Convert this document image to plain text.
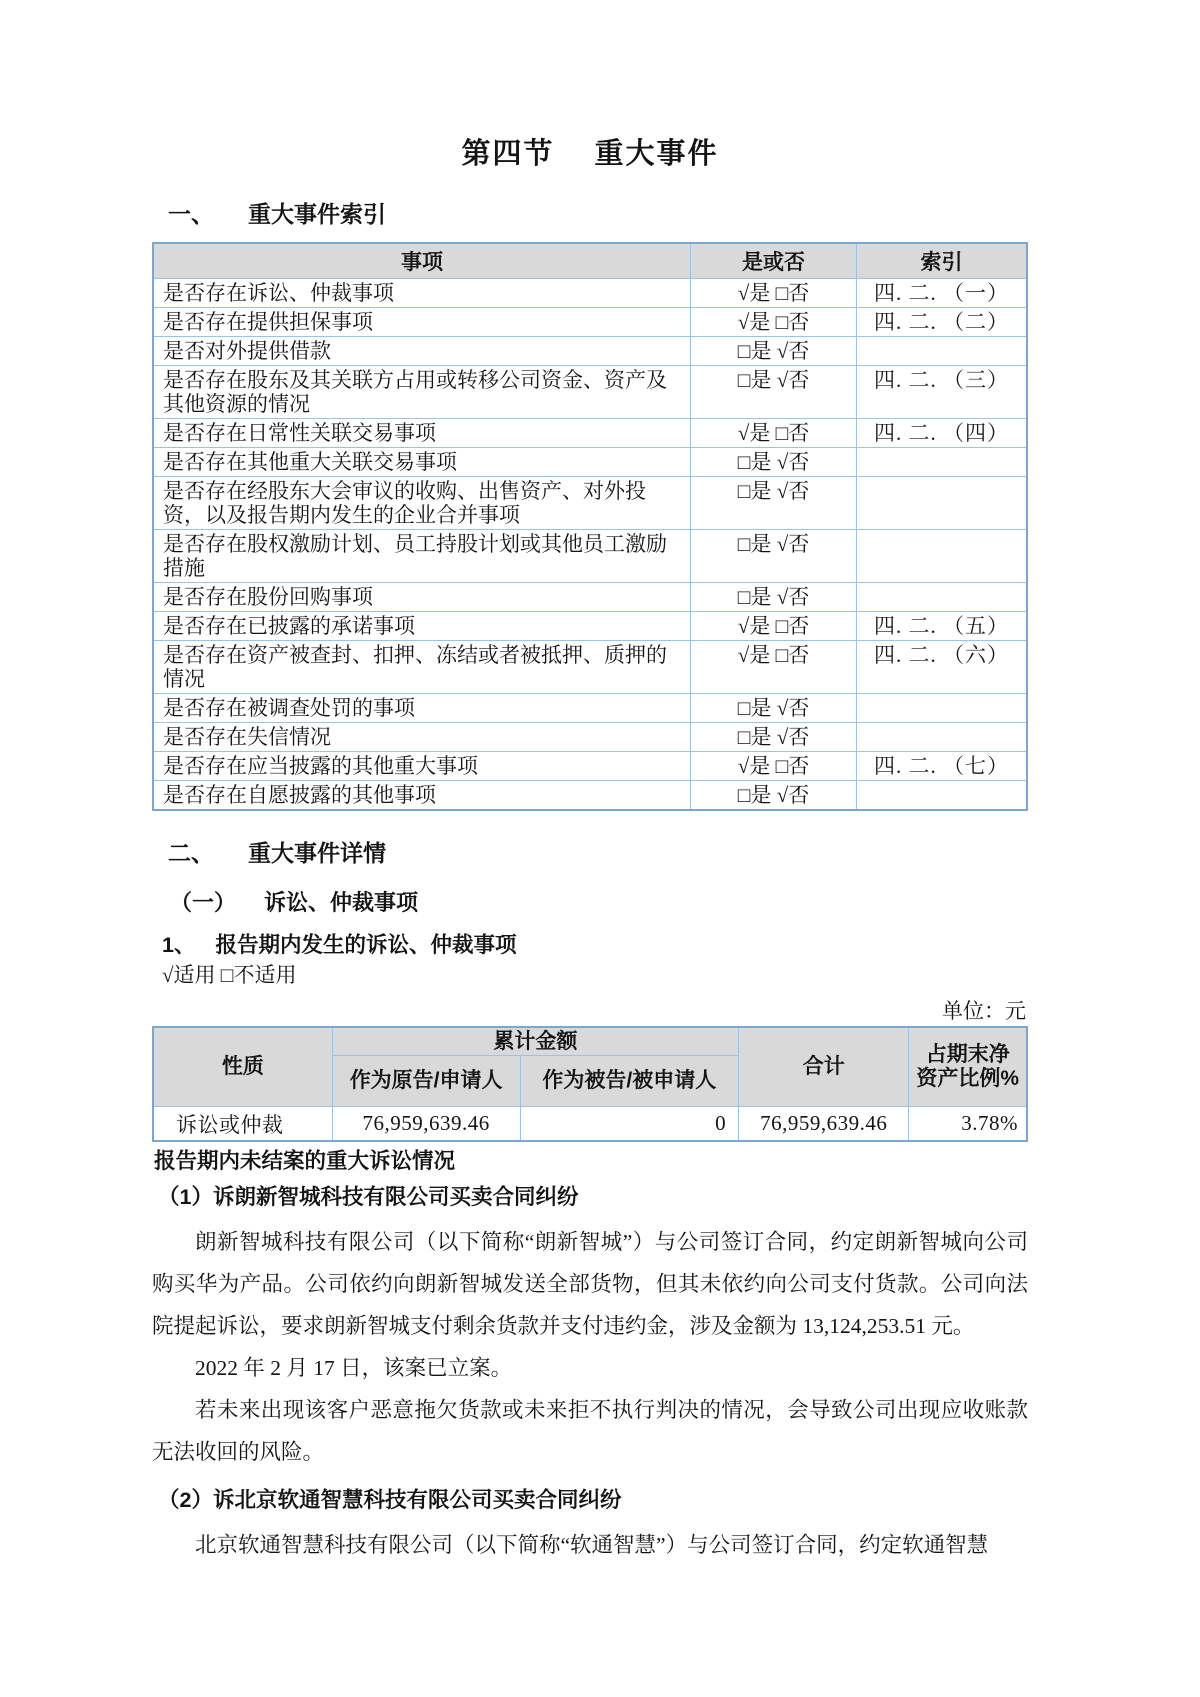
第四节 重大事件
一、 重大事件索引
事项	是或否	索引
是否存在诉讼、仲裁事项	√是 □否	四. 二. （一）
是否存在提供担保事项	√是 □否	四. 二. （二）
是否对外提供借款	□是 √否	
是否存在股东及其关联方占用或转移公司资金、资产及其他资源的情况	□是 √否	四. 二. （三）
是否存在日常性关联交易事项	√是 □否	四. 二. （四）
是否存在其他重大关联交易事项	□是 √否	
是否存在经股东大会审议的收购、出售资产、对外投资，以及报告期内发生的企业合并事项	□是 √否	
是否存在股权激励计划、员工持股计划或其他员工激励措施	□是 √否	
是否存在股份回购事项	□是 √否	
是否存在已披露的承诺事项	√是 □否	四. 二. （五）
是否存在资产被查封、扣押、冻结或者被抵押、质押的情况	√是 □否	四. 二. （六）
是否存在被调查处罚的事项	□是 √否	
是否存在失信情况	□是 √否	
是否存在应当披露的其他重大事项	√是 □否	四. 二. （七）
是否存在自愿披露的其他事项	□是 √否	
二、 重大事件详情
（一） 诉讼、仲裁事项
1、 报告期内发生的诉讼、仲裁事项
√适用 □不适用
单位：元
性质	累计金额		合计	占期末净资产比例%
	作为原告/申请人	作为被告/被申请人		
诉讼或仲裁	76,959,639.46	0	76,959,639.46	3.78%
报告期内未结案的重大诉讼情况
（1）诉朗新智城科技有限公司买卖合同纠纷

朗新智城科技有限公司（以下简称“朗新智城”）与公司签订合同，约定朗新智城向公司购买华为产品。公司依约向朗新智城发送全部货物，但其未依约向公司支付货款。公司向法院提起诉讼，要求朗新智城支付剩余货款并支付违约金，涉及金额为 13,124,253.51 元。

2022 年 2 月 17 日，该案已立案。

若未来出现该客户恶意拖欠货款或未来拒不执行判决的情况，会导致公司出现应收账款无法收回的风险。

（2）诉北京软通智慧科技有限公司买卖合同纠纷

北京软通智慧科技有限公司（以下简称“软通智慧”）与公司签订合同，约定软通智慧
